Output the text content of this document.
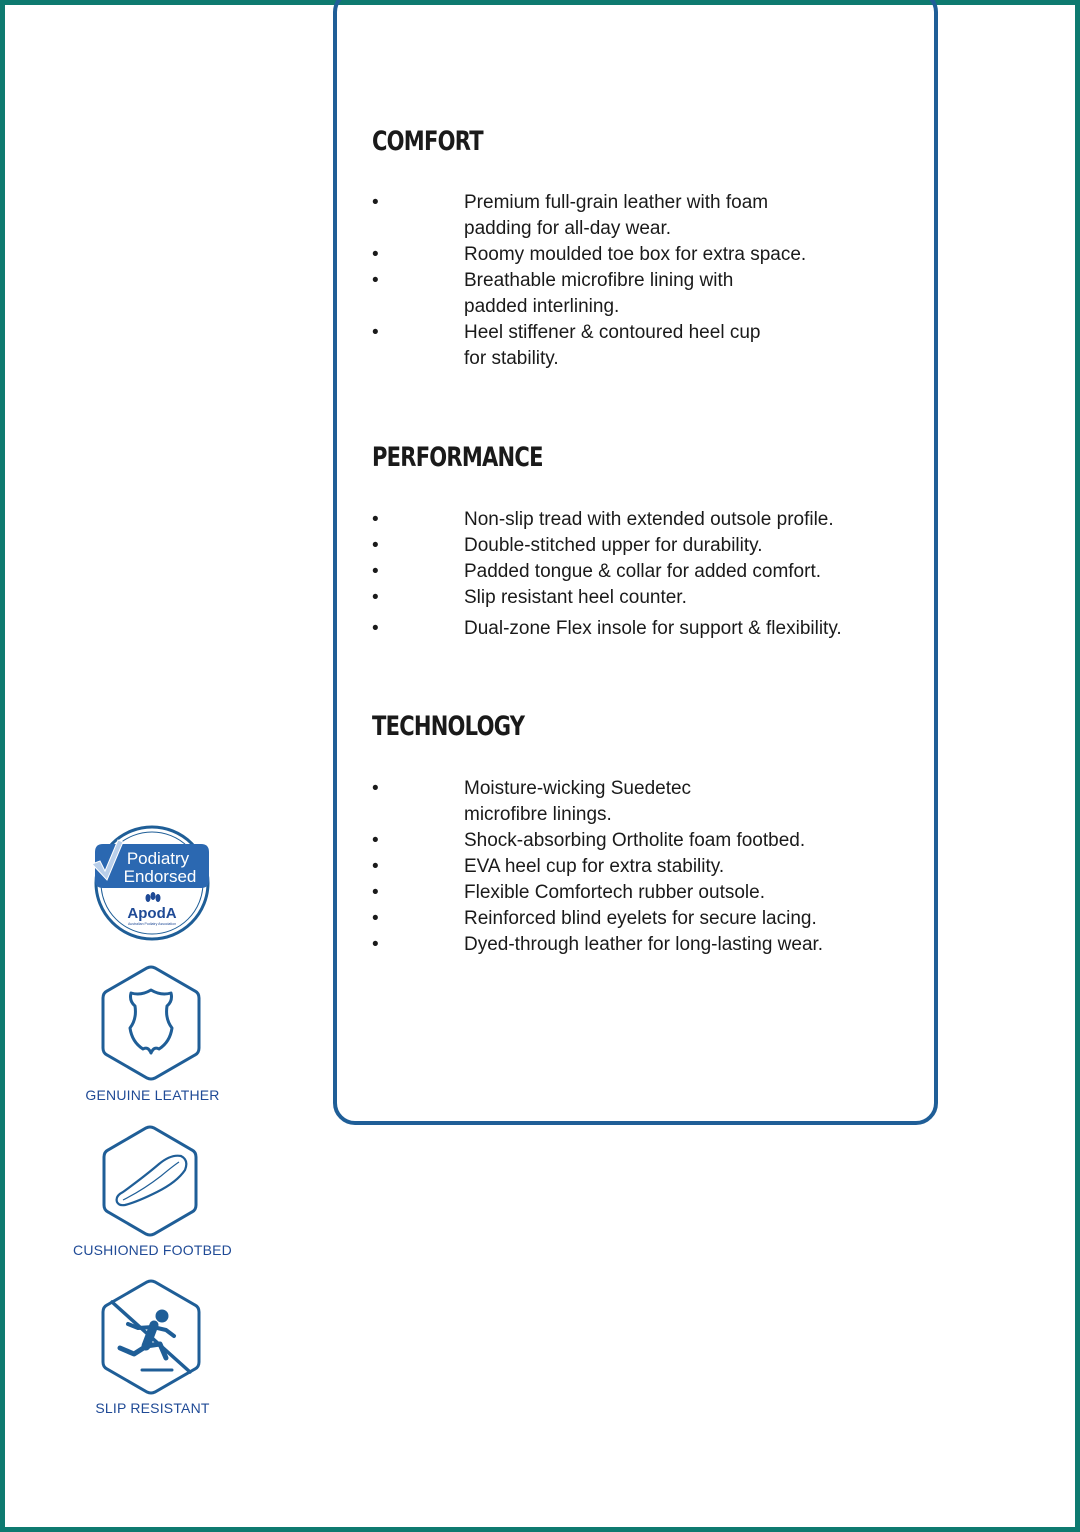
COMFORT
•	Premium full-grain leather with foam
padding for all-day wear.
•	Roomy moulded toe box for extra space.
•	Breathable microfibre lining with
padded interlining.
•	Heel stiffener & contoured heel cup
for stability.
PERFORMANCE
•	Non-slip tread with extended outsole profile.
•	Double-stitched upper for durability.
•	Padded tongue & collar for added comfort.
•	Slip resistant heel counter.
•	Dual-zone Flex insole for support & flexibility.
TECHNOLOGY
•	Moisture-wicking Suedetec
microfibre linings.
•	Shock-absorbing Ortholite foam footbed.
•	EVA heel cup for extra stability.
•	Flexible Comfortech rubber outsole.
•	Reinforced blind eyelets for secure lacing.
•	Dyed-through leather for long-lasting wear.
Podiatry
Endorsed
ApodA
Australian Podiatry Association
GENUINE LEATHER
CUSHIONED FOOTBED
SLIP RESISTANT
